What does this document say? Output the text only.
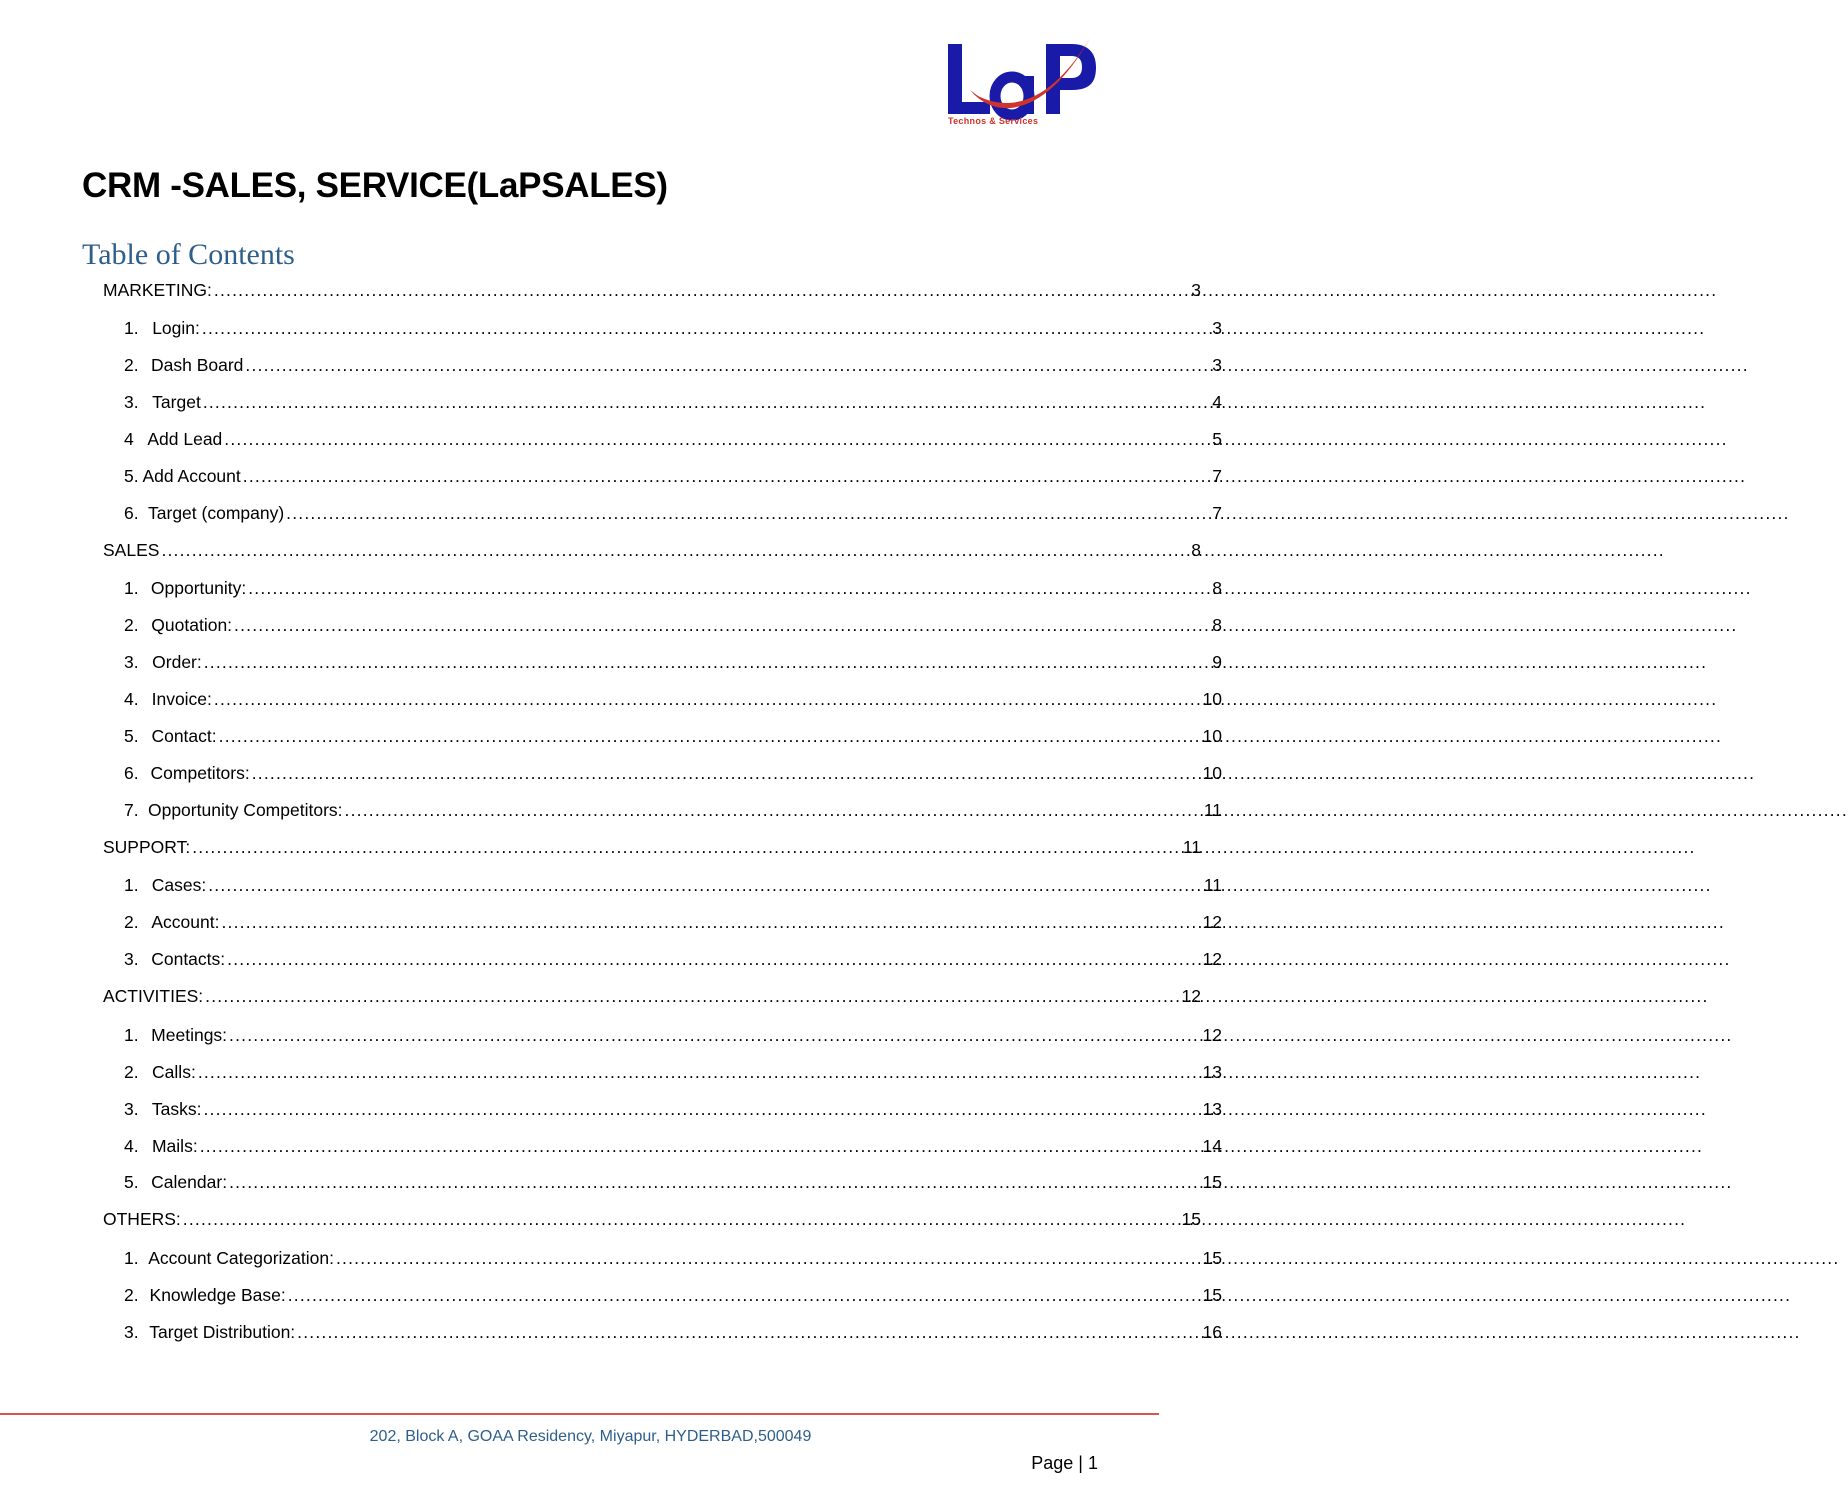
Technos & Services
CRM -SALES, SERVICE(LaPSALES)
Table of Contents
MARKETING: .....	3
1. Login: .....	3
2. Dash Board .....	3
3. Target .....	4
4   Add Lead .....	5
5. Add Account .....	7
6.  Target (company) .....	7
SALES .....	8
1. Opportunity: .....	8
2. Quotation: .....	8
3. Order: .....	9
4. Invoice: .....	10
5. Contact: .....	10
6. Competitors: .....	10
7. Opportunity Competitors: .....	11
SUPPORT: .....	11
1. Cases: .....	11
2. Account: .....	12
3. Contacts: .....	12
ACTIVITIES: .....	12
1. Meetings: .....	12
2. Calls: .....	13
3. Tasks: .....	13
4. Mails: .....	14
5. Calendar: .....	15
OTHERS: .....	15
1. Account Categorization: .....	15
2. Knowledge Base: .....	15
3. Target Distribution: .....	16
202, Block A, GOAA Residency, Miyapur, HYDERBAD,500049
Page | 1
